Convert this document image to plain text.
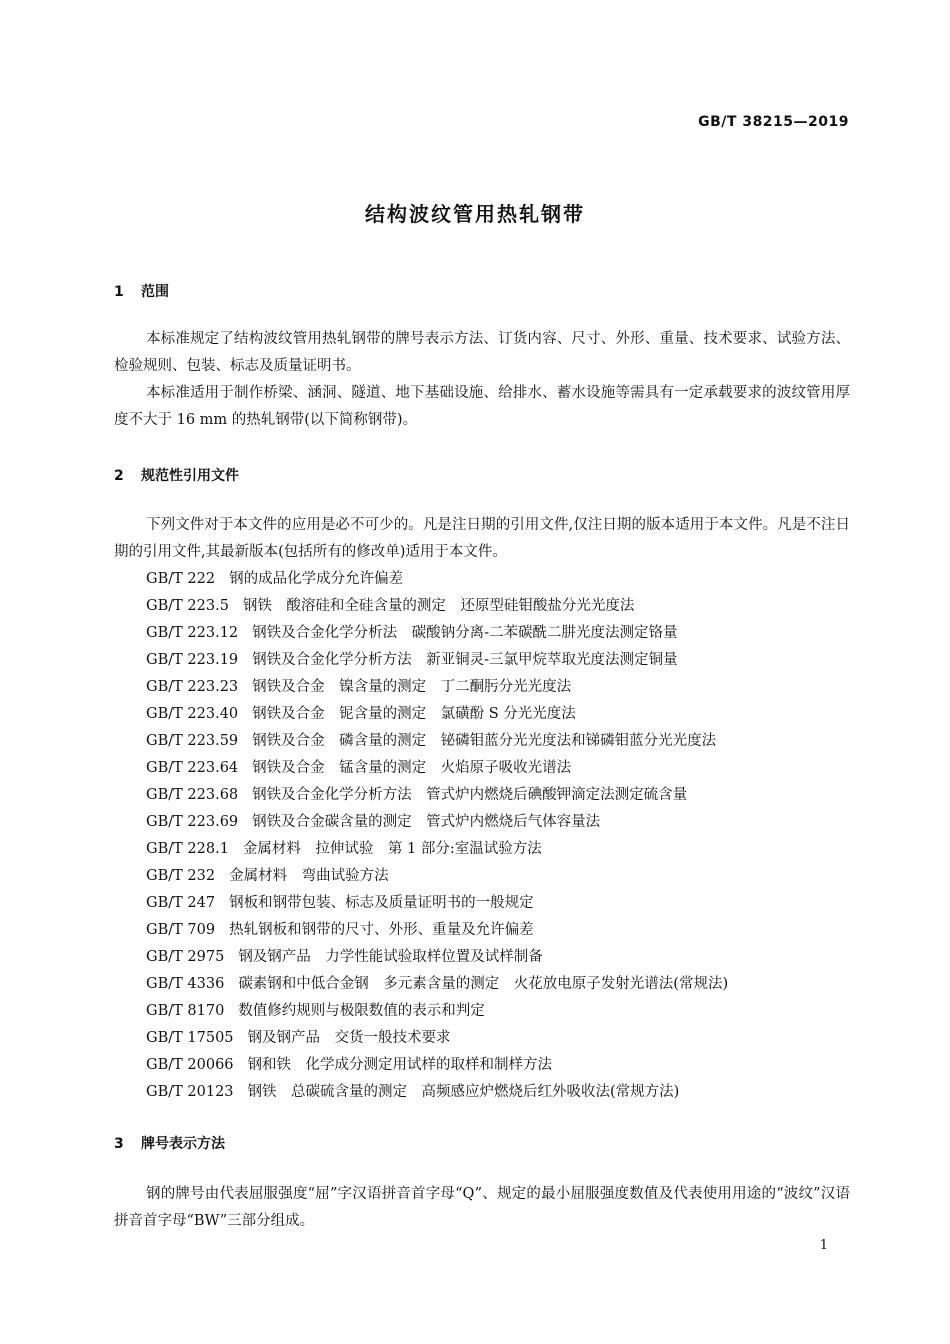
GB/T 38215—2019
结构波纹管用热轧钢带
1 范围

本标准规定了结构波纹管用热轧钢带的牌号表示方法、订货内容、尺寸、外形、重量、技术要求、试验方法、检验规则、包装、标志及质量证明书。

本标准适用于制作桥梁、涵洞、隧道、地下基础设施、给排水、蓄水设施等需具有一定承载要求的波纹管用厚度不大于 16 mm 的热轧钢带(以下简称钢带)。

2 规范性引用文件

下列文件对于本文件的应用是必不可少的。凡是注日期的引用文件,仅注日期的版本适用于本文件。凡是不注日期的引用文件,其最新版本(包括所有的修改单)适用于本文件。

GB/T 222 钢的成品化学成分允许偏差
GB/T 223.5 钢铁　酸溶硅和全硅含量的测定　还原型硅钼酸盐分光光度法
GB/T 223.12 钢铁及合金化学分析法　碳酸钠分离-二苯碳酰二肼光度法测定铬量
GB/T 223.19 钢铁及合金化学分析方法　新亚铜灵-三氯甲烷萃取光度法测定铜量
GB/T 223.23 钢铁及合金　镍含量的测定　丁二酮肟分光光度法
GB/T 223.40 钢铁及合金　铌含量的测定　氯磺酚 S 分光光度法
GB/T 223.59 钢铁及合金　磷含量的测定　铋磷钼蓝分光光度法和锑磷钼蓝分光光度法
GB/T 223.64 钢铁及合金　锰含量的测定　火焰原子吸收光谱法
GB/T 223.68 钢铁及合金化学分析方法　管式炉内燃烧后碘酸钾滴定法测定硫含量
GB/T 223.69 钢铁及合金碳含量的测定　管式炉内燃烧后气体容量法
GB/T 228.1 金属材料　拉伸试验　第 1 部分:室温试验方法
GB/T 232 金属材料　弯曲试验方法
GB/T 247 钢板和钢带包装、标志及质量证明书的一般规定
GB/T 709 热轧钢板和钢带的尺寸、外形、重量及允许偏差
GB/T 2975 钢及钢产品　力学性能试验取样位置及试样制备
GB/T 4336 碳素钢和中低合金钢　多元素含量的测定　火花放电原子发射光谱法(常规法)
GB/T 8170 数值修约规则与极限数值的表示和判定
GB/T 17505 钢及钢产品　交货一般技术要求
GB/T 20066 钢和铁　化学成分测定用试样的取样和制样方法
GB/T 20123 钢铁　总碳硫含量的测定　高频感应炉燃烧后红外吸收法(常规方法)
3 牌号表示方法

钢的牌号由代表屈服强度“屈”字汉语拼音首字母“Q”、规定的最小屈服强度数值及代表使用用途的“波纹”汉语拼音首字母“BW”三部分组成。

1
